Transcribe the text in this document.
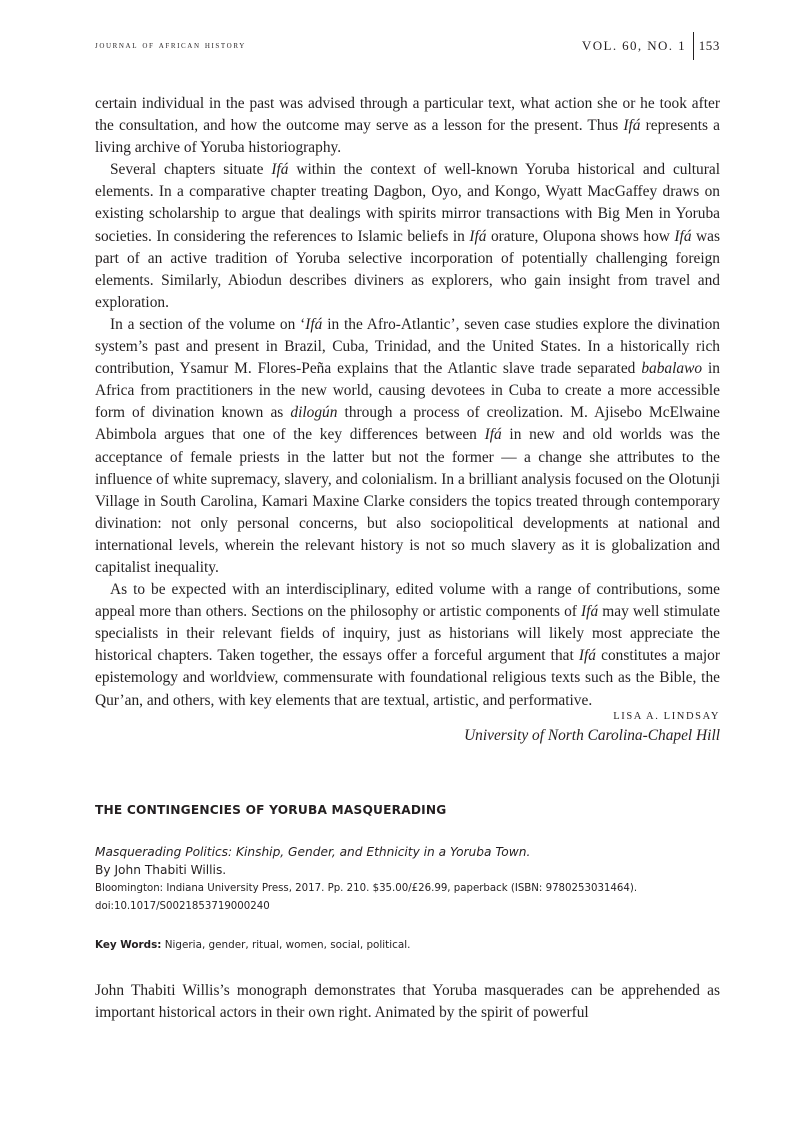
journal of african history	VOL. 60, NO. 1 153

certain individual in the past was advised through a particular text, what action she or he took after the consultation, and how the outcome may serve as a lesson for the present. Thus Ifá represents a living archive of Yoruba historiography.

Several chapters situate Ifá within the context of well-known Yoruba historical and cultural elements. In a comparative chapter treating Dagbon, Oyo, and Kongo, Wyatt MacGaffey draws on existing scholarship to argue that dealings with spirits mirror transactions with Big Men in Yoruba societies. In considering the references to Islamic beliefs in Ifá orature, Olupona shows how Ifá was part of an active tradition of Yoruba selective incorporation of potentially challenging foreign elements. Similarly, Abiodun describes diviners as explorers, who gain insight from travel and exploration.

In a section of the volume on ‘Ifá in the Afro-Atlantic’, seven case studies explore the divination system’s past and present in Brazil, Cuba, Trinidad, and the United States. In a historically rich contribution, Ysamur M. Flores-Peña explains that the Atlantic slave trade separated babalawo in Africa from practitioners in the new world, causing devotees in Cuba to create a more accessible form of divination known as dilogún through a process of creolization. M. Ajisebo McElwaine Abimbola argues that one of the key differences between Ifá in new and old worlds was the acceptance of female priests in the latter but not the former — a change she attributes to the influence of white supremacy, slavery, and colonialism. In a brilliant analysis focused on the Olotunji Village in South Carolina, Kamari Maxine Clarke considers the topics treated through contemporary divination: not only personal concerns, but also sociopolitical developments at national and international levels, wherein the relevant history is not so much slavery as it is globalization and capitalist inequality.

As to be expected with an interdisciplinary, edited volume with a range of contributions, some appeal more than others. Sections on the philosophy or artistic components of Ifá may well stimulate specialists in their relevant fields of inquiry, just as historians will likely most appreciate the historical chapters. Taken together, the essays offer a forceful argument that Ifá constitutes a major epistemology and worldview, commensurate with foundational religious texts such as the Bible, the Qur’an, and others, with key elements that are textual, artistic, and performative.

LISA A. LINDSAY
University of North Carolina-Chapel Hill
THE CONTINGENCIES OF YORUBA MASQUERADING
Masquerading Politics: Kinship, Gender, and Ethnicity in a Yoruba Town.
By John Thabiti Willis.
Bloomington: Indiana University Press, 2017. Pp. 210. $35.00/£26.99, paperback (ISBN: 9780253031464).
doi:10.1017/S0021853719000240
Key Words: Nigeria, gender, ritual, women, social, political.

John Thabiti Willis’s monograph demonstrates that Yoruba masquerades can be apprehended as important historical actors in their own right. Animated by the spirit of powerful
